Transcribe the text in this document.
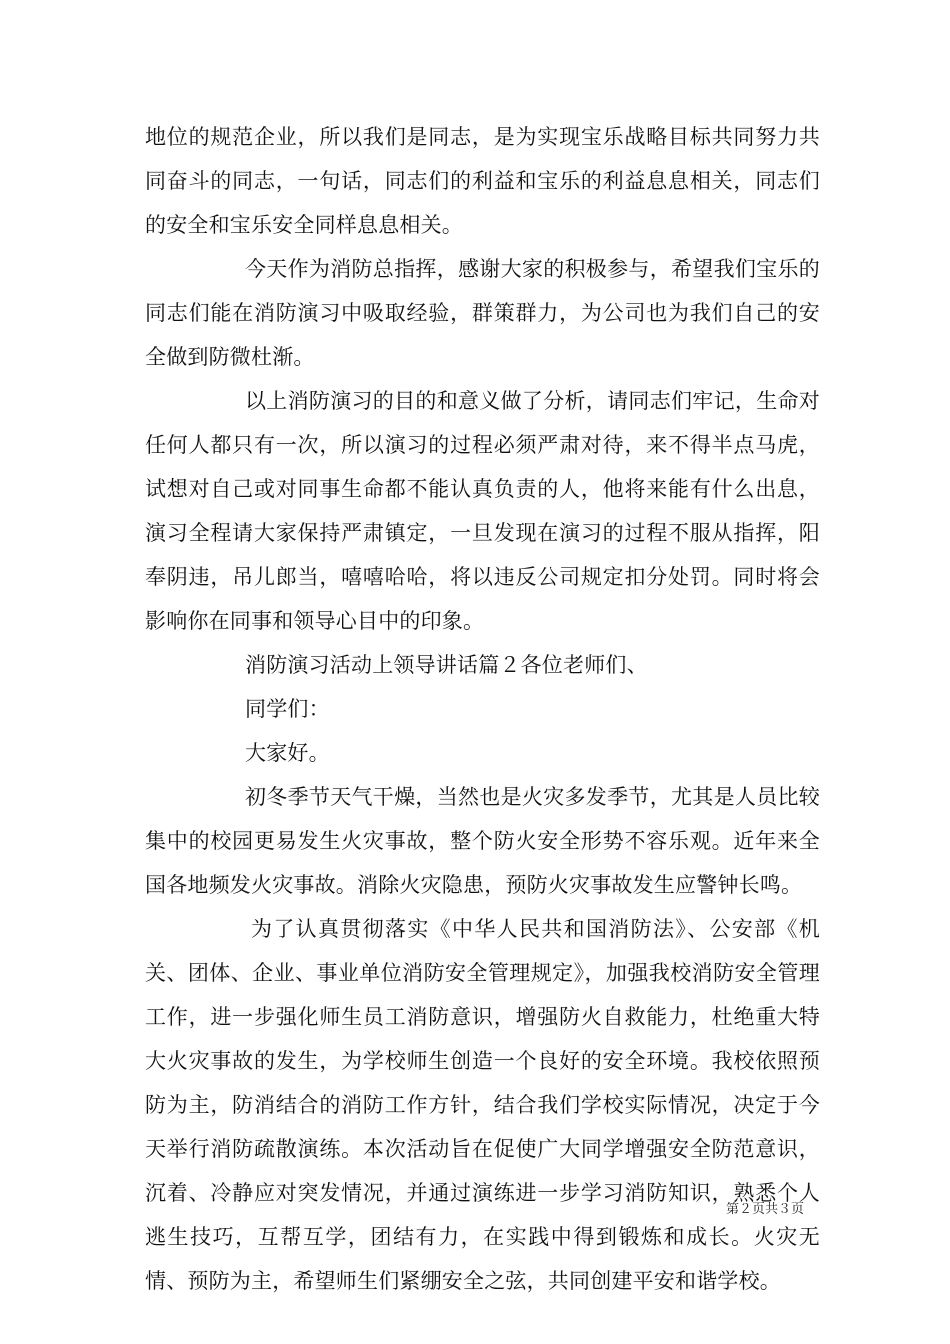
地位的规范企业，所以我们是同志，是为实现宝乐战略目标共同努力共同奋斗的同志，一句话，同志们的利益和宝乐的利益息息相关，同志们的安全和宝乐安全同样息息相关。

今天作为消防总指挥，感谢大家的积极参与，希望我们宝乐的同志们能在消防演习中吸取经验，群策群力，为公司也为我们自己的安全做到防微杜渐。

以上消防演习的目的和意义做了分析，请同志们牢记，生命对任何人都只有一次，所以演习的过程必须严肃对待，来不得半点马虎，试想对自己或对同事生命都不能认真负责的人，他将来能有什么出息，演习全程请大家保持严肃镇定，一旦发现在演习的过程不服从指挥，阳奉阴违，吊儿郎当，嘻嘻哈哈，将以违反公司规定扣分处罚。同时将会影响你在同事和领导心目中的印象。

消防演习活动上领导讲话篇２各位老师们、

同学们：

大家好。

初冬季节天气干燥，当然也是火灾多发季节，尤其是人员比较集中的校园更易发生火灾事故，整个防火安全形势不容乐观。近年来全国各地频发火灾事故。消除火灾隐患，预防火灾事故发生应警钟长鸣。

为了认真贯彻落实《中华人民共和国消防法》、公安部《机关、团体、企业、事业单位消防安全管理规定》，加强我校消防安全管理工作，进一步强化师生员工消防意识，增强防火自救能力，杜绝重大特大火灾事故的发生，为学校师生创造一个良好的安全环境。我校依照预防为主，防消结合的消防工作方针，结合我们学校实际情况，决定于今天举行消防疏散演练。本次活动旨在促使广大同学增强安全防范意识，沉着、冷静应对突发情况，并通过演练进一步学习消防知识，熟悉个人逃生技巧，互帮互学，团结有力，在实践中得到锻炼和成长。火灾无情、预防为主，希望师生们紧绷安全之弦，共同创建平安和谐学校。

第２页共３页
